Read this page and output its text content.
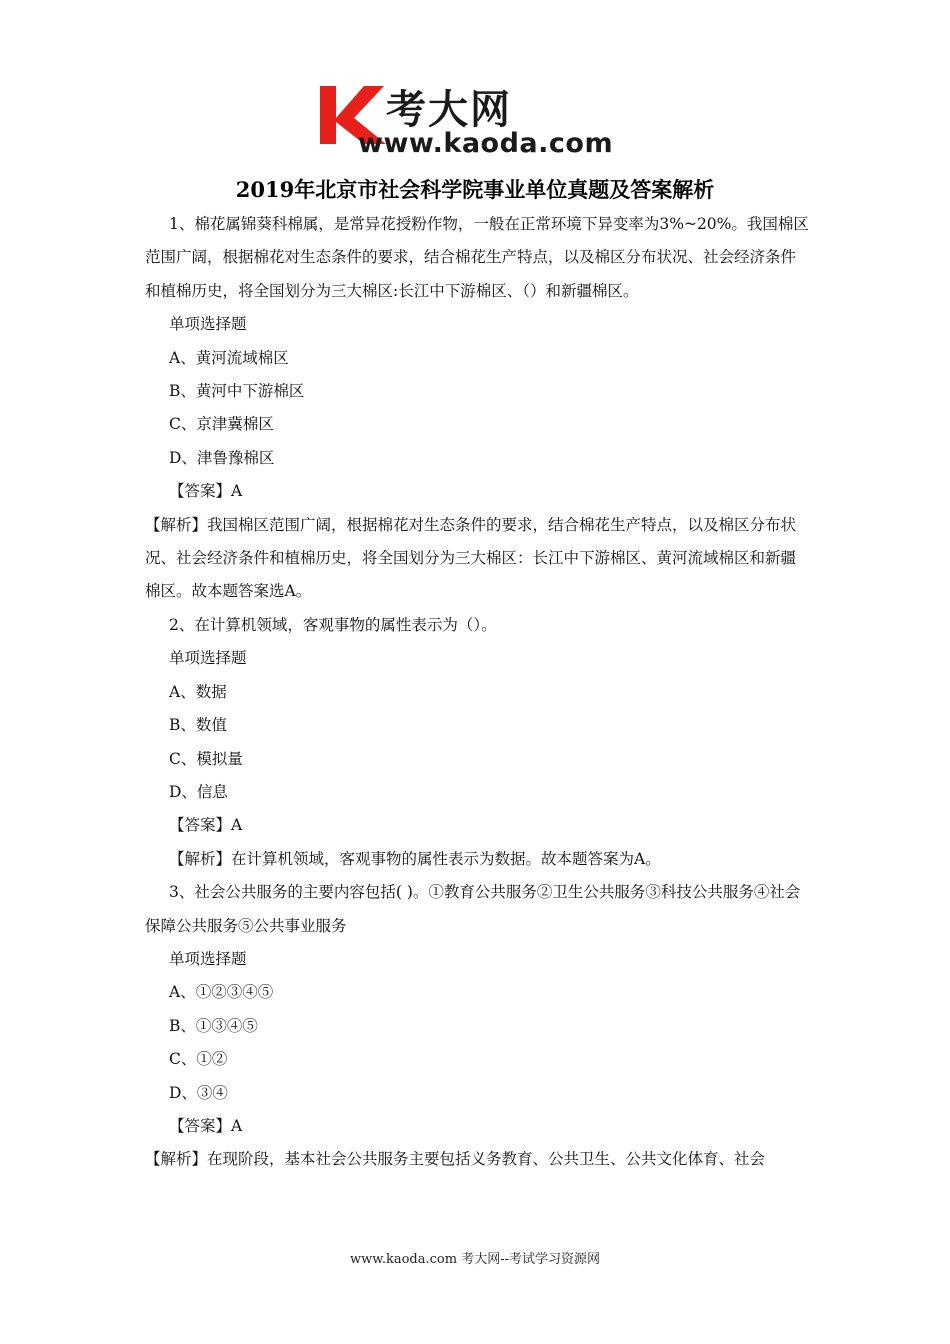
考大网
www.kaoda.com
2019年北京市社会科学院事业单位真题及答案解析

1、棉花属锦葵科棉属，是常异花授粉作物，一般在正常环境下异变率为3%~20%。我国棉区范围广阔，根据棉花对生态条件的要求，结合棉花生产特点，以及棉区分布状况、社会经济条件和植棉历史，将全国划分为三大棉区:长江中下游棉区、（）和新疆棉区。

单项选择题

A、黄河流域棉区

B、黄河中下游棉区

C、京津冀棉区

D、津鲁豫棉区

【答案】A

【解析】我国棉区范围广阔，根据棉花对生态条件的要求，结合棉花生产特点，以及棉区分布状况、社会经济条件和植棉历史，将全国划分为三大棉区：长江中下游棉区、黄河流域棉区和新疆棉区。故本题答案选A。

2、在计算机领域，客观事物的属性表示为（）。

单项选择题

A、数据

B、数值

C、模拟量

D、信息

【答案】A

【解析】在计算机领域，客观事物的属性表示为数据。故本题答案为A。

3、社会公共服务的主要内容包括( )。①教育公共服务②卫生公共服务③科技公共服务④社会保障公共服务⑤公共事业服务

单项选择题

A、①②③④⑤

B、①③④⑤

C、①②

D、③④

【答案】A

【解析】在现阶段，基本社会公共服务主要包括义务教育、公共卫生、公共文化体育、社会

www.kaoda.com 考大网--考试学习资源网
